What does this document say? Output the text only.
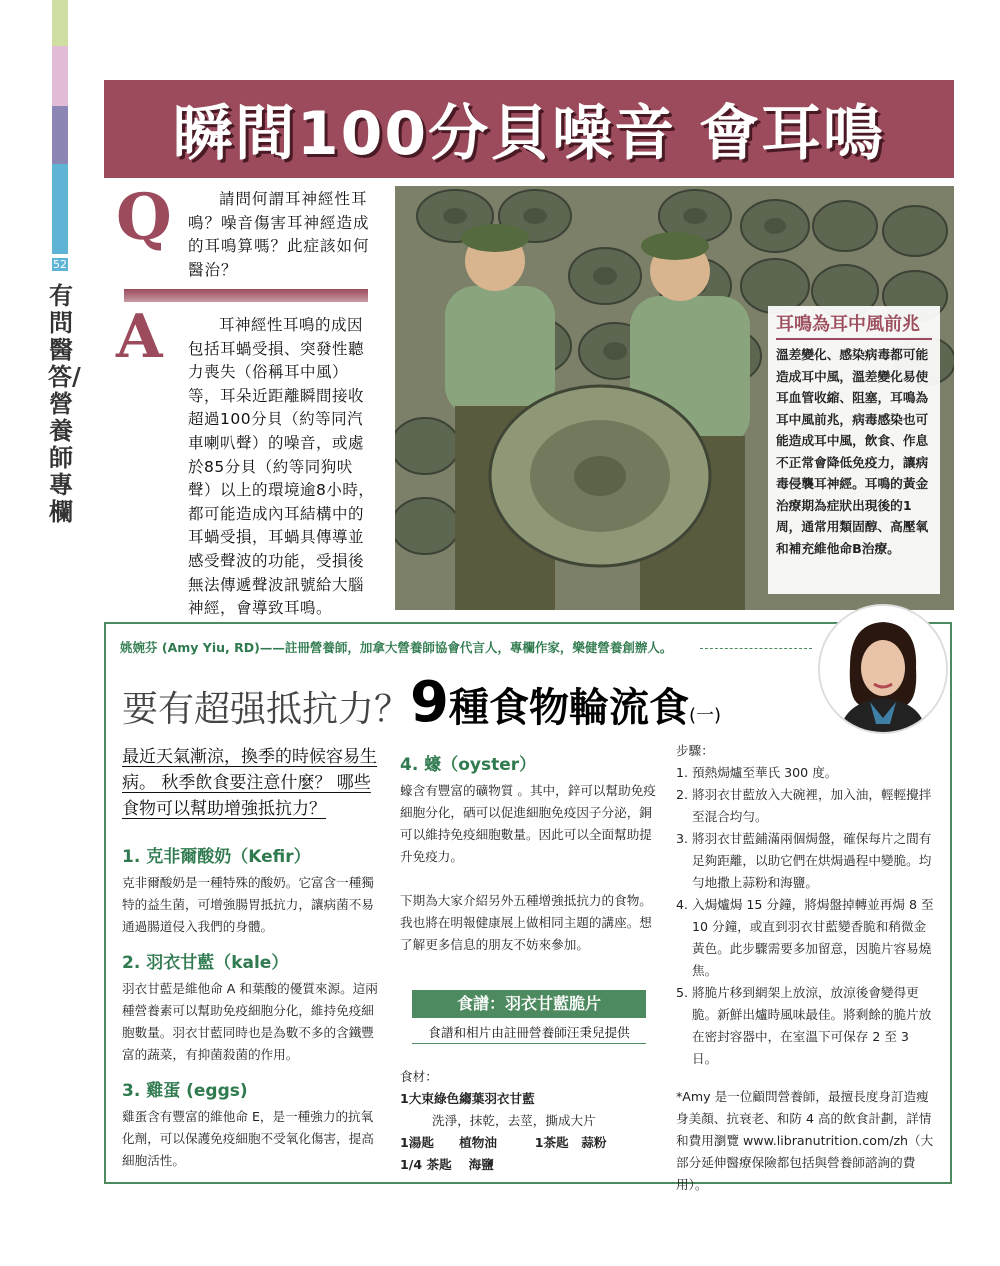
52
有問醫答/營養師專欄
瞬間100分貝噪音 會耳鳴
Q	請問何謂耳神經性耳鳴？噪音傷害耳神經造成的耳鳴算嗎？此症該如何醫治？
A	耳神經性耳鳴的成因包括耳蝸受損、突發性聽力喪失（俗稱耳中風）等，耳朵近距離瞬間接收超過100分貝（約等同汽車喇叭聲）的噪音，或處於85分貝（約等同狗吠聲）以上的環境逾8小時，都可能造成內耳結構中的耳蝸受損，耳蝸具傳導並感受聲波的功能，受損後無法傳遞聲波訊號給大腦神經，會導致耳鳴。
耳鳴為耳中風前兆
溫差變化、感染病毒都可能造成耳中風，溫差變化易使耳血管收縮、阻塞，耳鳴為耳中風前兆，病毒感染也可能造成耳中風，飲食、作息不正常會降低免疫力，讓病毒侵襲耳神經。耳鳴的黃金治療期為症狀出現後的1周，通常用類固醇、高壓氧和補充維他命B治療。
姚婉芬 (Amy Yiu, RD)——註冊營養師，加拿大營養師協會代言人，專欄作家，樂健營養創辦人。
要有超强抵抗力？9種食物輪流食(一)
最近天氣漸涼，換季的時候容易生病。 秋季飲食要注意什麼？ 哪些食物可以幫助增強抵抗力？
1. 克非爾酸奶（Kefir）
克非爾酸奶是一種特殊的酸奶。它富含一種獨特的益生菌，可增強腸胃抵抗力，讓病菌不易通過腸道侵入我們的身體。
2. 羽衣甘藍（kale）
羽衣甘藍是維他命 A 和葉酸的優質來源。這兩種營養素可以幫助免疫細胞分化，維持免疫細胞數量。羽衣甘藍同時也是為數不多的含鐵豐富的蔬菜，有抑菌殺菌的作用。
3. 雞蛋 (eggs)
雞蛋含有豐富的維他命 E，是一種強力的抗氧化劑，可以保護免疫細胞不受氧化傷害，提高細胞活性。
4. 蠔（oyster）
蠔含有豐富的礦物質 。其中，鋅可以幫助免疫細胞分化，硒可以促進細胞免疫因子分泌，銅可以維持免疫細胞數量。因此可以全面幫助提升免疫力。
下期為大家介紹另外五種增強抵抗力的食物。我也將在明報健康展上做相同主題的講座。想了解更多信息的朋友不妨來參加。
食譜：羽衣甘藍脆片
食譜和相片由註冊營養師汪秉兒提供
食材：
1大束綠色縐葉羽衣甘藍
洗淨，抹乾，去莖，撕成大片
1湯匙　　植物油　　　1茶匙　蒜粉
1/4 茶匙　 海鹽
步驟：
1. 預熱焗爐至華氏 300 度。
2. 將羽衣甘藍放入大碗裡，加入油，輕輕攪拌至混合均勻。
3. 將羽衣甘藍鋪滿兩個焗盤，確保每片之間有足夠距離，以助它們在烘焗過程中變脆。均勻地撒上蒜粉和海鹽。
4. 入焗爐焗 15 分鐘，將焗盤掉轉並再焗 8 至 10 分鐘，或直到羽衣甘藍變香脆和稍微金黃色。此步驟需要多加留意，因脆片容易燒焦。
5. 將脆片移到網架上放涼，放涼後會變得更脆。新鮮出爐時風味最佳。將剩餘的脆片放在密封容器中，在室溫下可保存 2 至 3 日。
*Amy 是一位顧問營養師，最擅長度身訂造瘦身美顏、抗衰老、和防 4 高的飲食計劃，詳情和費用瀏覽 www.libranutrition.com/zh（大部分延伸醫療保險都包括與營養師諮詢的費用）。
